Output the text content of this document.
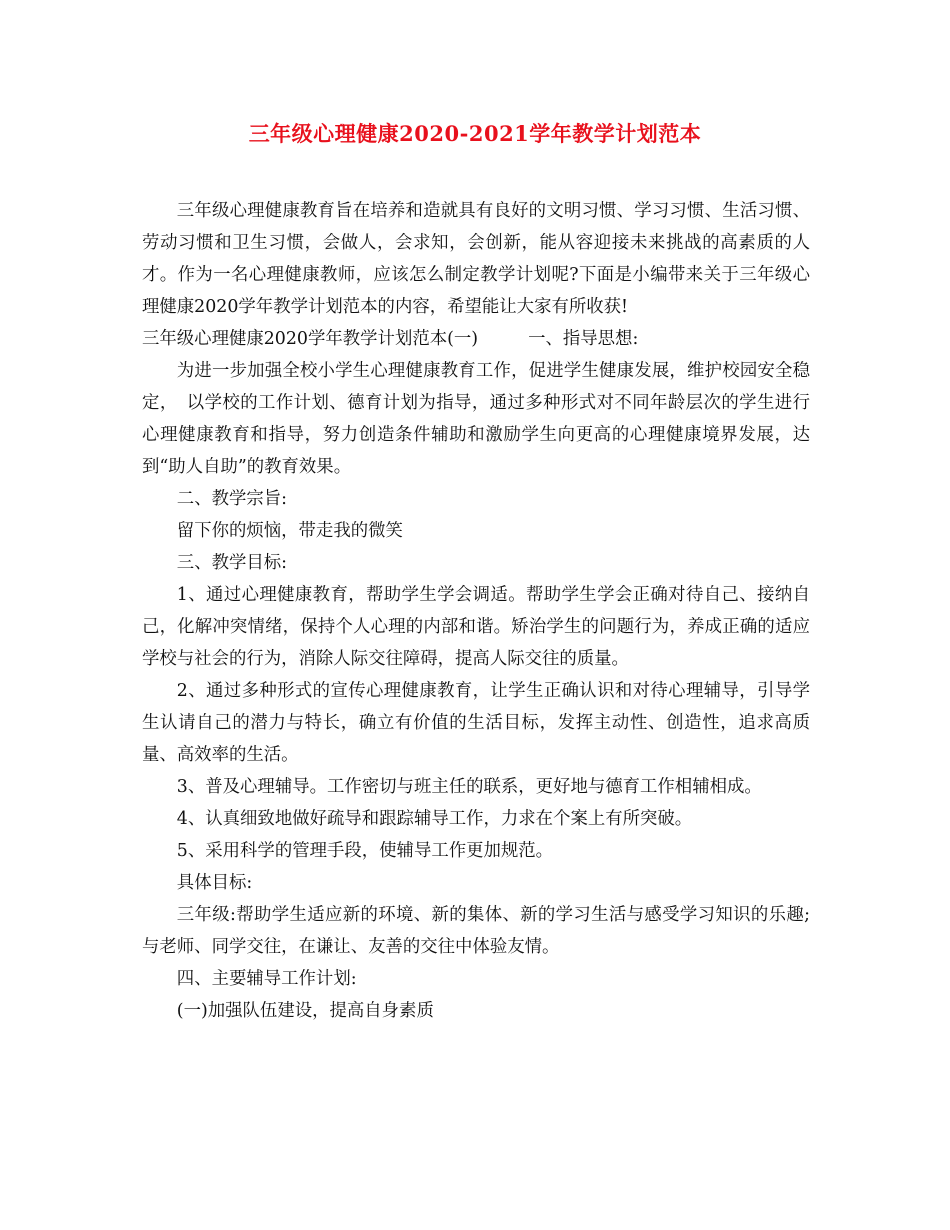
三年级心理健康2020-2021学年教学计划范本

三年级心理健康教育旨在培养和造就具有良好的文明习惯、学习习惯、生活习惯、劳动习惯和卫生习惯，会做人，会求知，会创新，能从容迎接未来挑战的高素质的人才。作为一名心理健康教师，应该怎么制定教学计划呢?下面是小编带来关于三年级心理健康2020学年教学计划范本的内容，希望能让大家有所收获!

三年级心理健康2020学年教学计划范本(一)	一、指导思想:

为进一步加强全校小学生心理健康教育工作，促进学生健康发展，维护校园安全稳定，　以学校的工作计划、德育计划为指导，通过多种形式对不同年龄层次的学生进行心理健康教育和指导，努力创造条件辅助和激励学生向更高的心理健康境界发展，达到“助人自助”的教育效果。

二、教学宗旨:

留下你的烦恼，带走我的微笑

三、教学目标:

1、通过心理健康教育，帮助学生学会调适。帮助学生学会正确对待自己、接纳自己，化解冲突情绪，保持个人心理的内部和谐。矫治学生的问题行为，养成正确的适应学校与社会的行为，消除人际交往障碍，提高人际交往的质量。

2、通过多种形式的宣传心理健康教育，让学生正确认识和对待心理辅导，引导学生认请自己的潜力与特长，确立有价值的生活目标，发挥主动性、创造性，追求高质量、高效率的生活。

3、普及心理辅导。工作密切与班主任的联系，更好地与德育工作相辅相成。

4、认真细致地做好疏导和跟踪辅导工作，力求在个案上有所突破。

5、采用科学的管理手段，使辅导工作更加规范。

具体目标:

三年级:帮助学生适应新的环境、新的集体、新的学习生活与感受学习知识的乐趣;与老师、同学交往，在谦让、友善的交往中体验友情。

四、主要辅导工作计划:

(一)加强队伍建设，提高自身素质
